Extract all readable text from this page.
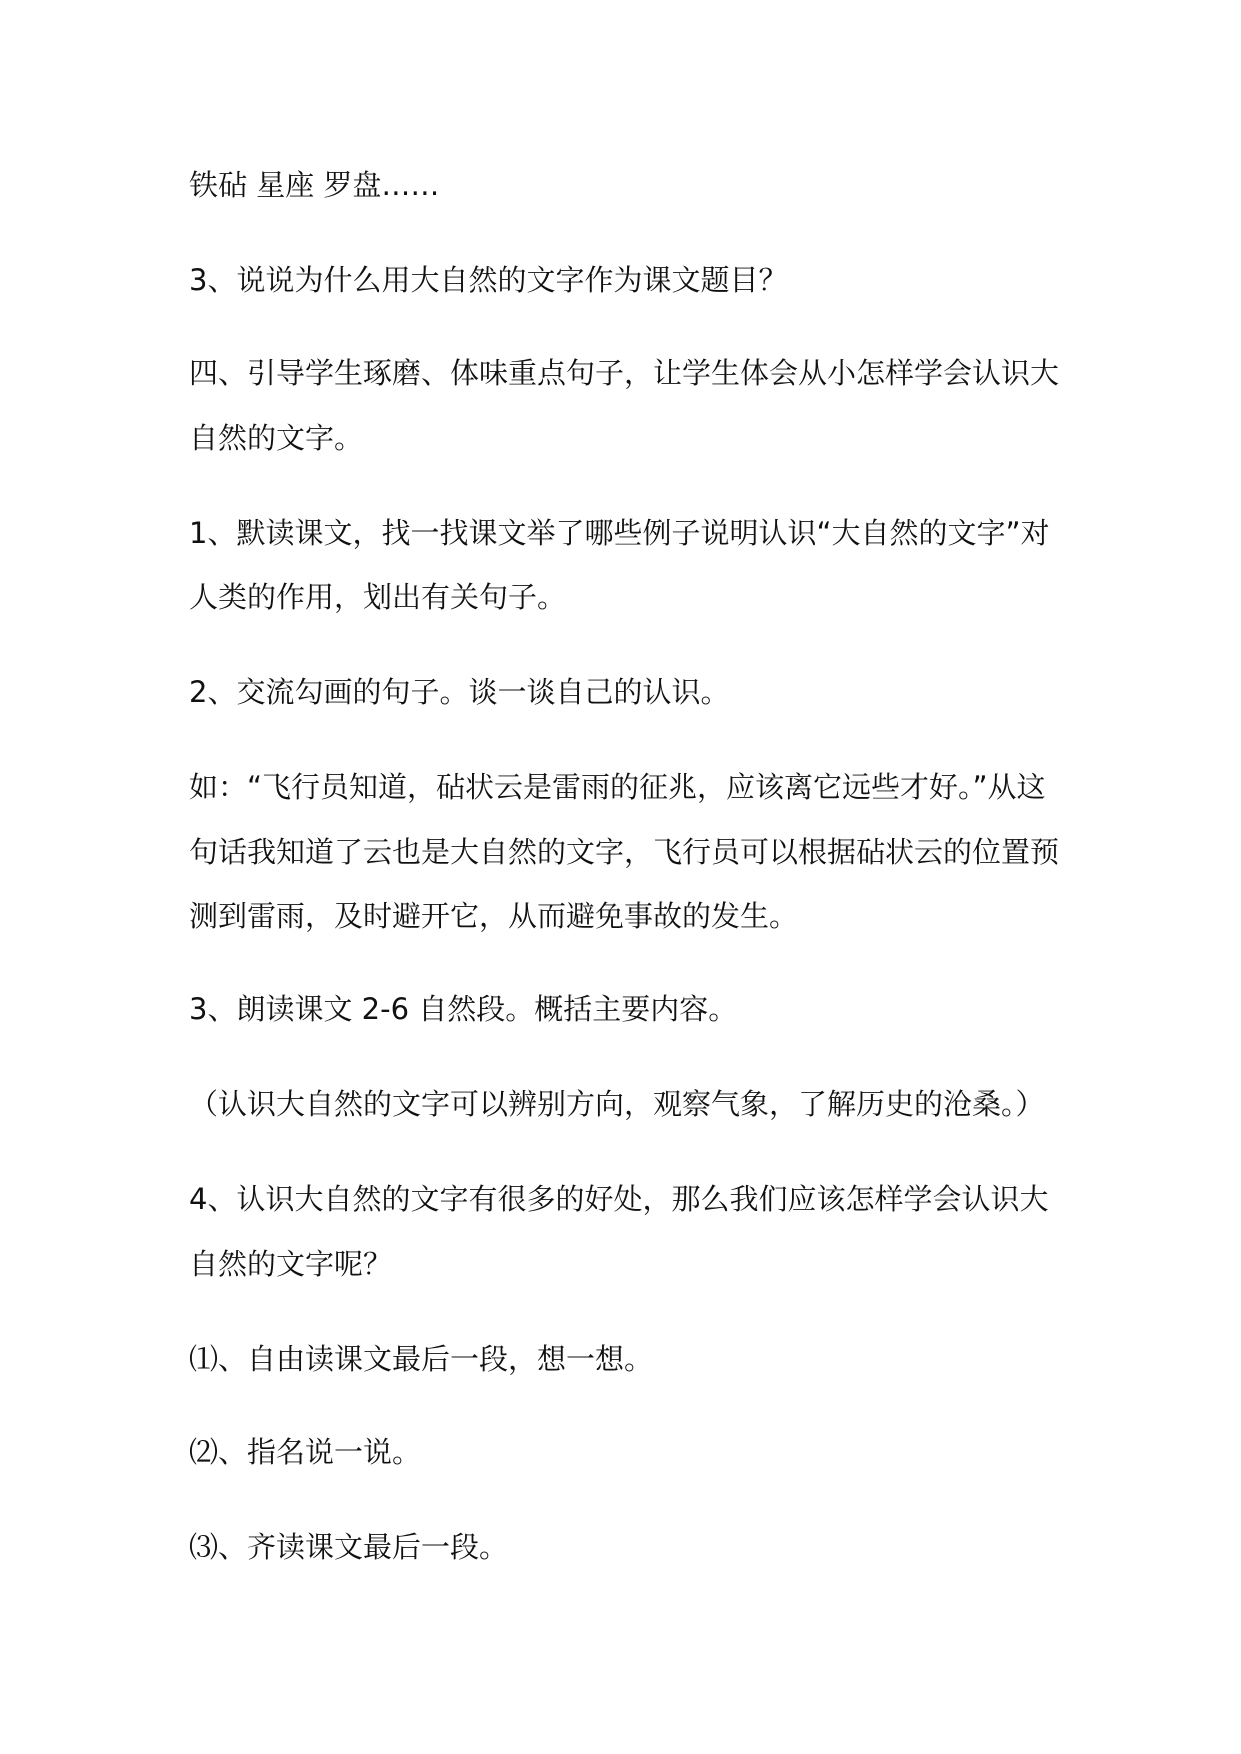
铁砧 星座 罗盘……
3、说说为什么用大自然的文字作为课文题目？
四、引导学生琢磨、体味重点句子，让学生体会从小怎样学会认识大
自然的文字。
1、默读课文，找一找课文举了哪些例子说明认识“大自然的文字”对
人类的作用，划出有关句子。
2、交流勾画的句子。谈一谈自己的认识。
如：“飞行员知道，砧状云是雷雨的征兆，应该离它远些才好。”从这
句话我知道了云也是大自然的文字，飞行员可以根据砧状云的位置预
测到雷雨，及时避开它，从而避免事故的发生。
3、朗读课文 2-6 自然段。概括主要内容。
（认识大自然的文字可以辨别方向，观察气象，了解历史的沧桑。）
4、认识大自然的文字有很多的好处，那么我们应该怎样学会认识大
自然的文字呢？
⑴、自由读课文最后一段，想一想。
⑵、指名说一说。
⑶、齐读课文最后一段。
